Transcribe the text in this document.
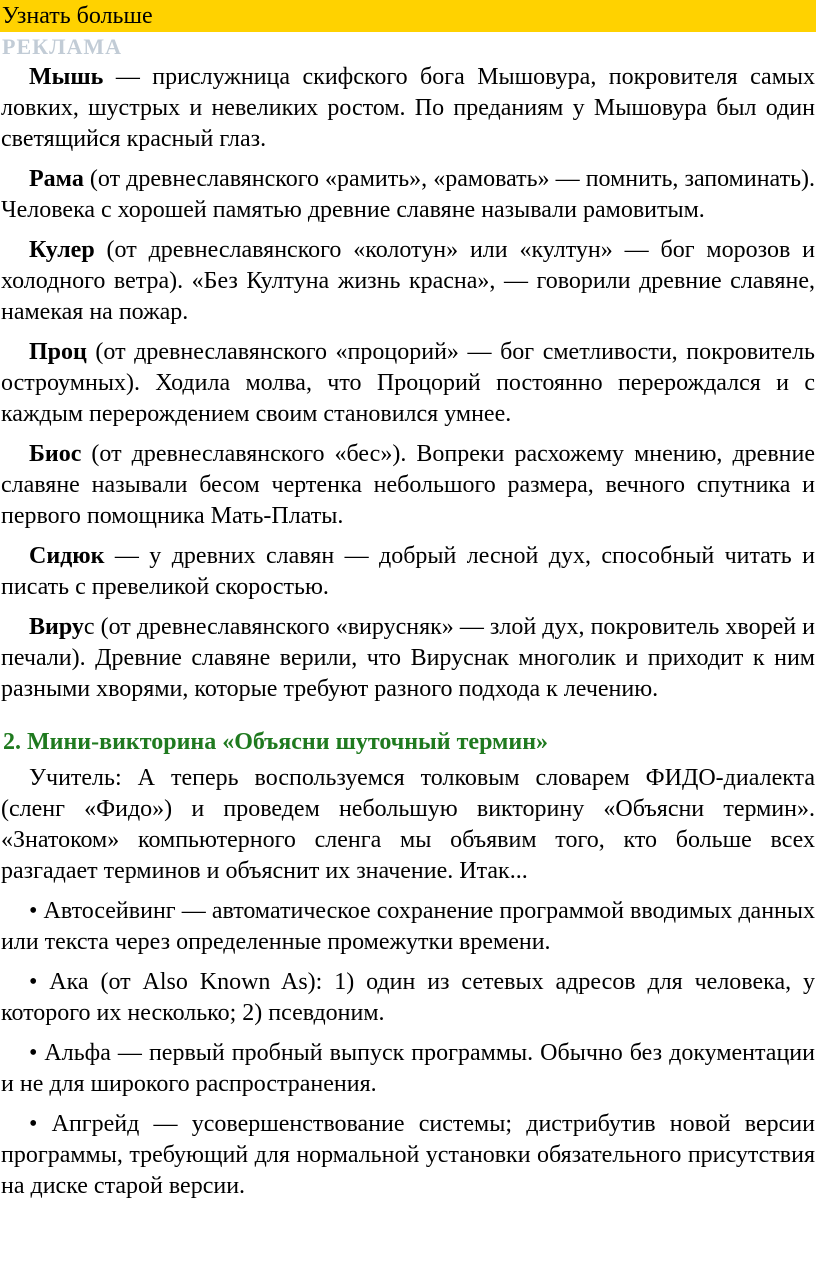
Узнать больше
РЕКЛАМА

Мышь — прислужница скифского бога Мышовура, покровителя самых ловких, шустрых и невеликих ростом. По преданиям у Мышовура был один светящийся красный глаз.

Рама (от древнеславянского «рамить», «рамовать» — помнить, запоминать). Человека с хорошей памятью древние славяне называли рамовитым.

Кулер (от древнеславянского «колотун» или «култун» — бог морозов и холодного ветра). «Без Култуна жизнь красна», — говорили древние славяне, намекая на пожар.

Проц (от древнеславянского «процорий» — бог сметливости, покровитель остроумных). Ходила молва, что Процорий постоянно перерождался и с каждым перерождением своим становился умнее.

Биос (от древнеславянского «бес»). Вопреки расхожему мнению, древние славяне называли бесом чертенка небольшого размера, вечного спутника и первого помощника Мать-Платы.

Сидюк — у древних славян — добрый лесной дух, способный читать и писать с превеликой скоростью.

Вирус (от древнеславянского «вирусняк» — злой дух, покровитель хворей и печали). Древние славяне верили, что Вируснак многолик и приходит к ним разными хворями, которые требуют разного подхода к лечению.

2. Мини-викторина «Объясни шуточный термин»

Учитель: А теперь воспользуемся толковым словарем ФИДО-диалекта (сленг «Фидо») и проведем небольшую викторину «Объясни термин». «Знатоком» компьютерного сленга мы объявим того, кто больше всех разгадает терминов и объяснит их значение. Итак...

• Автосейвинг — автоматическое сохранение программой вводимых данных или текста через определенные промежутки времени.

• Ака (от Also Known As): 1) один из сетевых адресов для человека, у которого их несколько; 2) псевдоним.

• Альфа — первый пробный выпуск программы. Обычно без документации и не для широкого распространения.

• Апгрейд — усовершенствование системы; дистрибутив новой версии программы, требующий для нормальной установки обязательного присутствия на диске старой версии.
